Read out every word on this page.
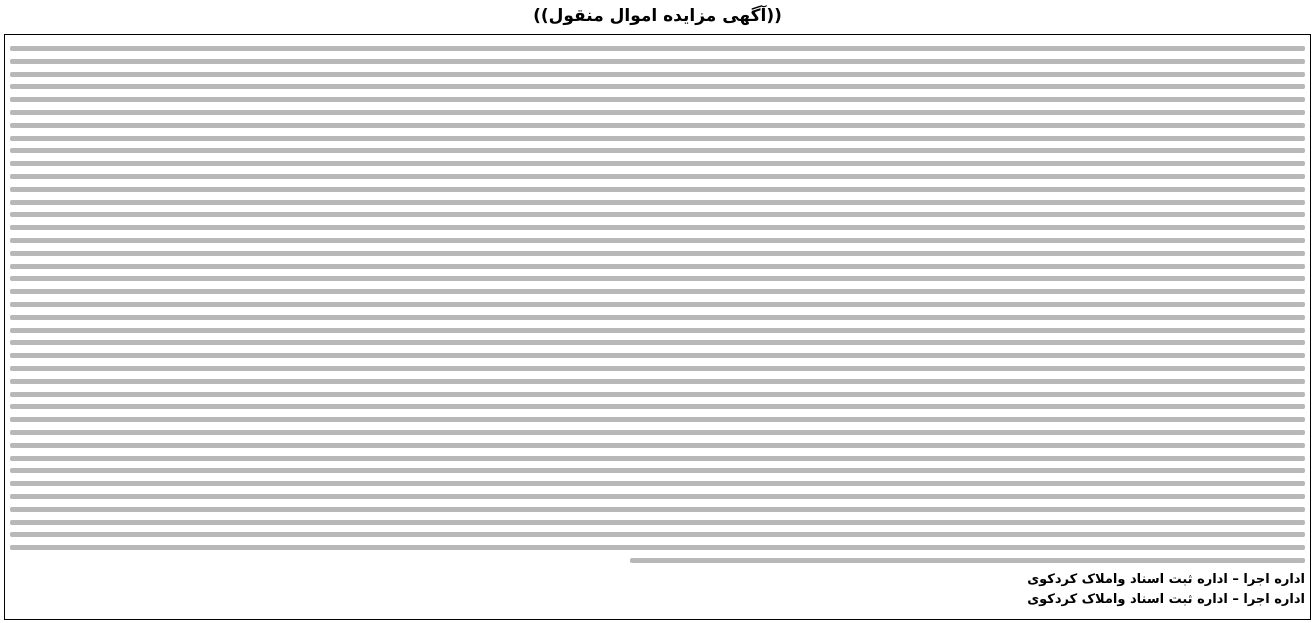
((آگهی مزایده اموال منقول))
اداره اجرا – اداره ثبت اسناد واملاک کردکوی
اداره اجرا – اداره ثبت اسناد واملاک کردکوی
